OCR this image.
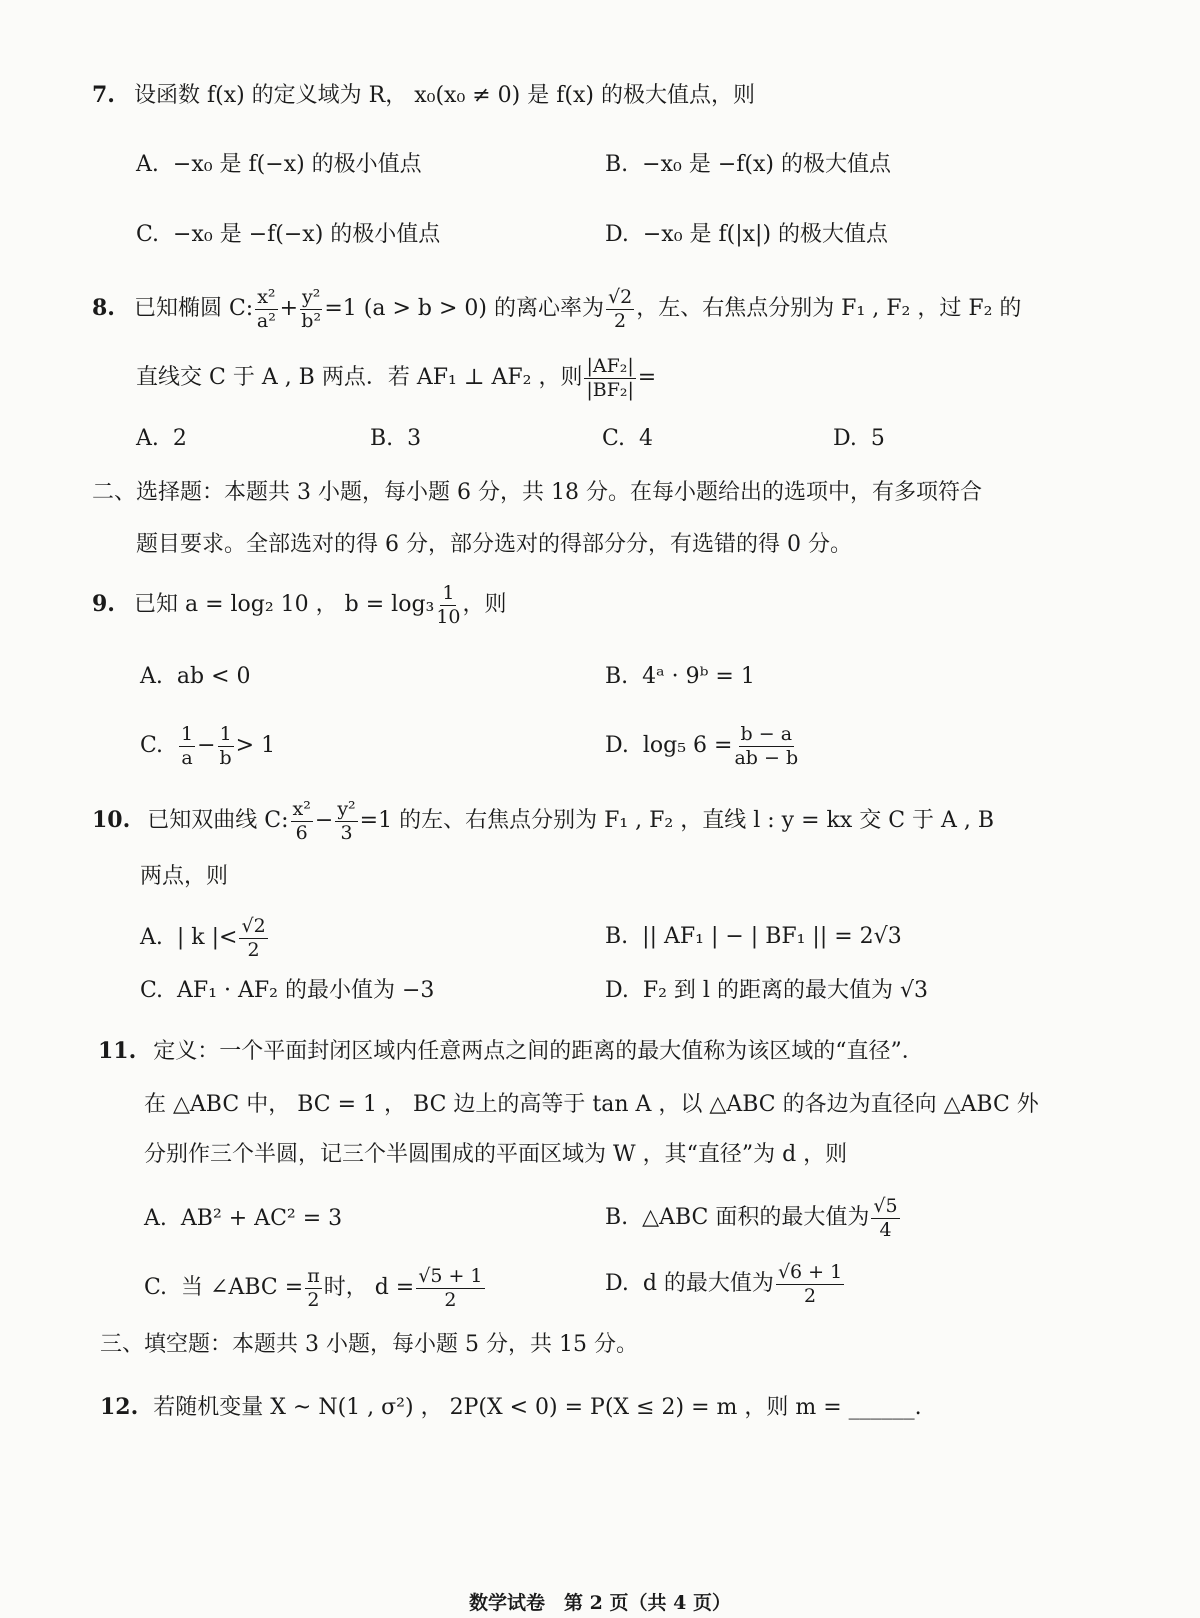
7. 设函数 f(x) 的定义域为 R， x₀(x₀ ≠ 0) 是 f(x) 的极大值点，则
A. −x₀ 是 f(−x) 的极小值点	B. −x₀ 是 −f(x) 的极大值点
C. −x₀ 是 −f(−x) 的极小值点	D. −x₀ 是 f(|x|) 的极大值点
8. 已知椭圆 C: $\frac{\text{x²}}{\text{a²}} + \frac{\text{y²}}{\text{b²}} =1$ (a > b > 0) 的离心率为 $\frac{√2}{2}$ ，左、右焦点分别为 F₁ , F₂ ，过 F₂ 的
直线交 C 于 A , B 两点．若 AF₁ ⊥ AF₂ ，则 $\frac{\text{|AF₂|}}{\text{|BF₂|}}$ =
A. 2	B. 3	C. 4	D. 5
二、选择题：本题共 3 小题，每小题 6 分，共 18 分。在每小题给出的选项中，有多项符合
题目要求。全部选对的得 6 分，部分选对的得部分分，有选错的得 0 分。
9. 已知 a = log₂ 10 ， $b = \log_3 \frac{1}{10}$ ，则
A. ab < 0	B. 4ᵃ · 9ᵇ = 1
C. $\frac{1}{a} - \frac{1}{b} > 1$	D. log₅ $6 = \frac{b - a}{ab - b}$
10. 已知双曲线 C: $\frac{\text{x²}}{6} - \frac{\text{y²}}{3} =1$ 的左、右焦点分别为 F₁ , F₂ ，直线 l : y = kx 交 C 于 A , B
两点，则
A. | k |< $\frac{√2}{2}$	B. || AF₁ | − | BF₁ || = 2√3
C. AF₁ · AF₂ 的最小值为 −3	D. F₂ 到 l 的距离的最大值为 √3
11. 定义：一个平面封闭区域内任意两点之间的距离的最大值称为该区域的“直径”．
在 △ABC 中， BC = 1 ， BC 边上的高等于 tan A ，以 △ABC 的各边为直径向 △ABC 外
分别作三个半圆，记三个半圆围成的平面区域为 W ，其“直径”为 d ，则
A. AB² + AC² = 3	B. △ABC 面积的最大值为 $\frac{√5}{4}$
C. 当 ∠ABC = $\frac{\pi}{2}$ 时， $d = \frac{√5 + 1}{2}$	D. d 的最大值为 $\frac{√6 + 1}{2}$
三、填空题：本题共 3 小题，每小题 5 分，共 15 分。
12. 若随机变量 X ~ N(1 , σ²) ， 2P(X < 0) = P(X ≤ 2) = m ，则 m = ______.
数学试卷　第 2 页（共 4 页）
